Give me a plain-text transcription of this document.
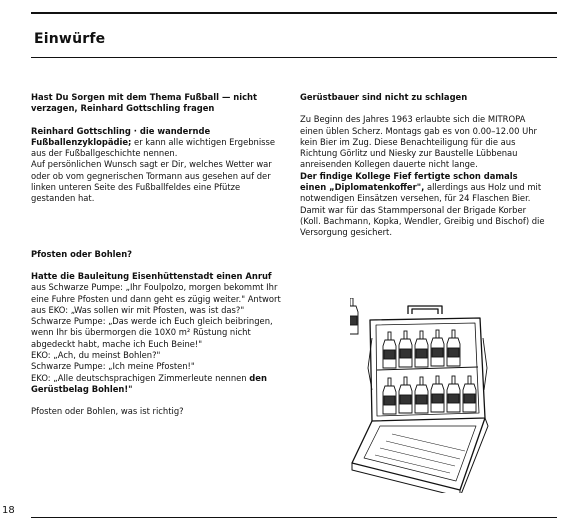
Einwürfe

Hast Du Sorgen mit dem Thema Fußball — nicht verzagen, Reinhard Gottschling fragen

Reinhard Gottschling · die wandernde Fußballenzyklopädie; er kann alle wichtigen Ergebnisse aus der Fußballgeschichte nennen.

Auf persönlichen Wunsch sagt er Dir, welches Wetter war oder ob vom gegnerischen Tormann aus gesehen auf der linken unteren Seite des Fußballfeldes eine Pfütze gestanden hat.

Pfosten oder Bohlen?

Hatte die Bauleitung Eisenhüttenstadt einen Anruf aus Schwarze Pumpe: „Ihr Foulpolzo, morgen bekommt Ihr eine Fuhre Pfosten und dann geht es zügig weiter." Antwort aus EKO: „Was sollen wir mit Pfosten, was ist das?"

Schwarze Pumpe: „Das werde ich Euch gleich beibringen, wenn Ihr bis übermorgen die 10X0 m² Rüstung nicht abgedeckt habt, mache ich Euch Beine!"

EKO: „Ach, du meinst Bohlen?"

Schwarze Pumpe: „Ich meine Pfosten!"

EKO: „Alle deutschsprachigen Zimmerleute nennen den Gerüstbelag Bohlen!"

Pfosten oder Bohlen, was ist richtig?

Gerüstbauer sind nicht zu schlagen

Zu Beginn des Jahres 1963 erlaubte sich die MITROPA einen üblen Scherz. Montags gab es von 0.00–12.00 Uhr kein Bier im Zug. Diese Benachteiligung für die aus Richtung Görlitz und Niesky zur Baustelle Lübbenau anreisenden Kollegen dauerte nicht lange.

Der findige Kollege Fief fertigte schon damals einen „Diplomatenkoffer", allerdings aus Holz und mit notwendigen Einsätzen versehen, für 24 Flaschen Bier. Damit war für das Stammpersonal der Brigade Korber (Koll. Bachmann, Kopka, Wendler, Greibig und Bischof) die Versorgung gesichert.

18
